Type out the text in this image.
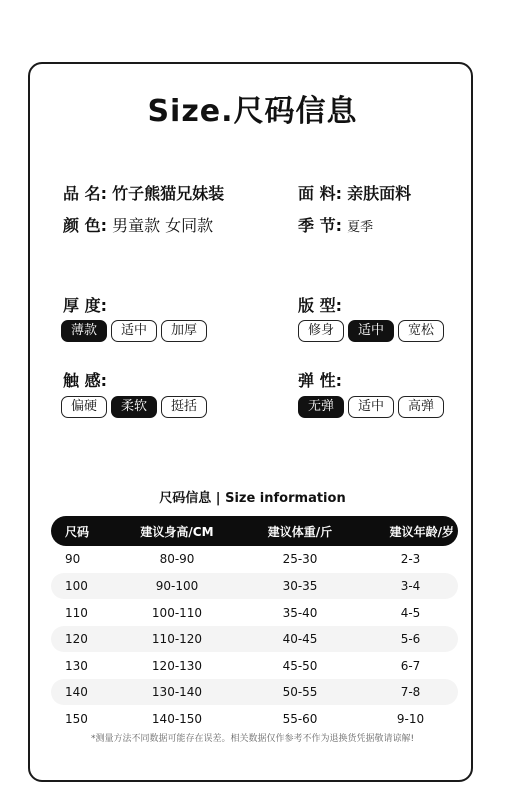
Size.尺码信息
品 名: 竹子熊猫兄妹装	面 料: 亲肤面料
颜 色: 男童款 女同款	季 节: 夏季
厚 度:
薄款	适中	加厚
版 型:
修身	适中	宽松
触 感:
偏硬	柔软	挺括
弹 性:
无弹	适中	高弹
尺码信息 | Size information
尺码	建议身高/CM	建议体重/斤	建议年龄/岁
90	80-90	25-30	2-3
100	90-100	30-35	3-4
110	100-110	35-40	4-5
120	110-120	40-45	5-6
130	120-130	45-50	6-7
140	130-140	50-55	7-8
150	140-150	55-60	9-10
*测量方法不同数据可能存在误差。相关数据仅作参考不作为退换货凭据敬请谅解!
